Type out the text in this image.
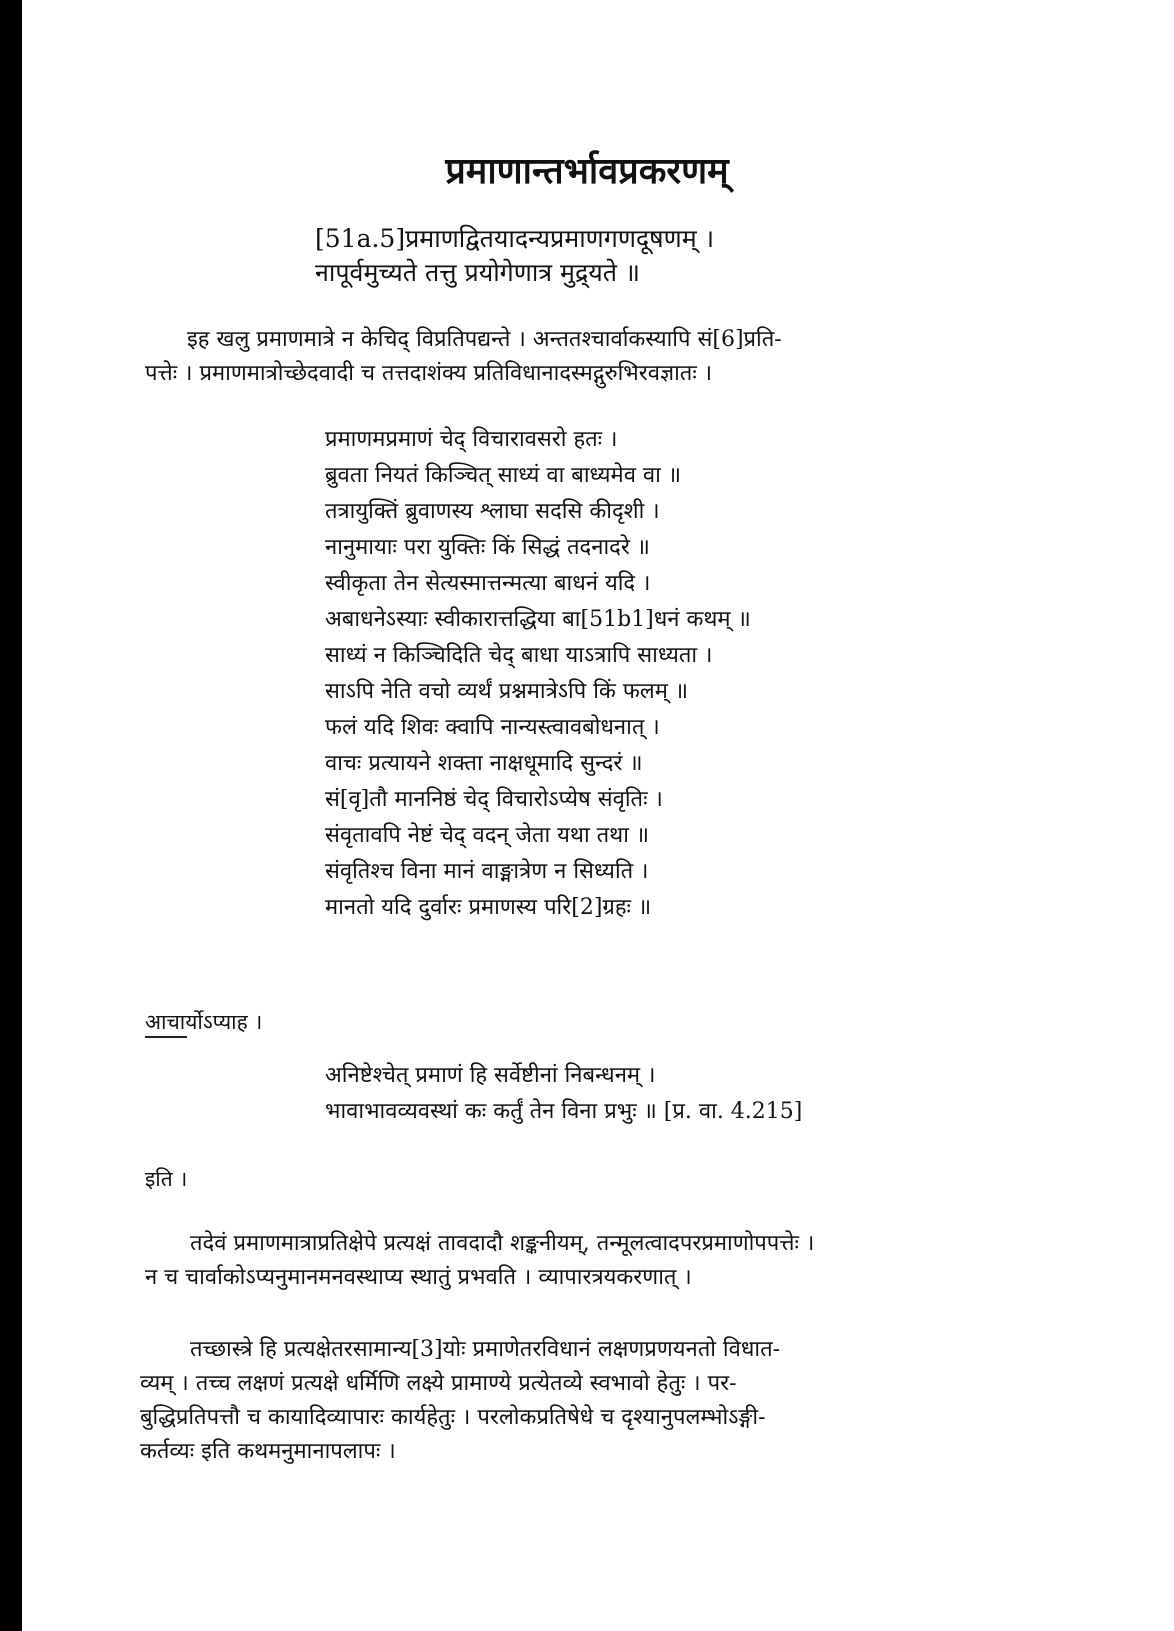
प्रमाणान्तर्भावप्रकरणम्
[51a.5]प्रमाणद्वितयादन्यप्रमाणगणदूषणम् ।
नापूर्वमुच्यते तत्तु प्रयोगेणात्र मुद्र्यते ॥
इह खलु प्रमाणमात्रे न केचिद् विप्रतिपद्यन्ते । अन्ततश्चार्वाकस्यापि सं[6]प्रति-
पत्तेः । प्रमाणमात्रोच्छेदवादी च तत्तदाशंक्य प्रतिविधानादस्मद्गुरुभिरवज्ञातः ।
प्रमाणमप्रमाणं चेद् विचारावसरो हतः ।
ब्रुवता नियतं किञ्चित् साध्यं वा बाध्यमेव वा ॥
तत्रायुक्तिं ब्रुवाणस्य श्लाघा सदसि कीदृशी ।
नानुमायाः परा युक्तिः किं सिद्धं तदनादरे ॥
स्वीकृता तेन सेत्यस्मात्तन्मत्या बाधनं यदि ।
अबाधनेऽस्याः स्वीकारात्तद्धिया बा[51b1]धनं कथम् ॥
साध्यं न किञ्चिदिति चेद् बाधा याऽत्रापि साध्यता ।
साऽपि नेति वचो व्यर्थं प्रश्नमात्रेऽपि किं फलम् ॥
फलं यदि शिवः क्वापि नान्यस्त्वावबोधनात् ।
वाचः प्रत्यायने शक्ता नाक्षधूमादि सुन्दरं ॥
सं[वृ]तौ माननिष्ठं चेद् विचारोऽप्येष संवृतिः ।
संवृतावपि नेष्टं चेद् वदन् जेता यथा तथा ॥
संवृतिश्च विना मानं वाङ्मात्रेण न सिध्यति ।
मानतो यदि दुर्वारः प्रमाणस्य परि[2]ग्रहः ॥
आचार्योऽप्याह ।
अनिष्टेश्चेत् प्रमाणं हि सर्वेष्टीनां निबन्धनम् ।
भावाभावव्यवस्थां कः कर्तुं तेन विना प्रभुः ॥ [प्र. वा. 4.215]
इति ।
तदेवं प्रमाणमात्राप्रतिक्षेपे प्रत्यक्षं तावदादौ शङ्कनीयम्, तन्मूलत्वादपरप्रमाणोपपत्तेः ।
न च चार्वाकोऽप्यनुमानमनवस्थाप्य स्थातुं प्रभवति । व्यापारत्रयकरणात् ।
तच्छास्त्रे हि प्रत्यक्षेतरसामान्य[3]योः प्रमाणेतरविधानं लक्षणप्रणयनतो विधात-
व्यम् । तच्च लक्षणं प्रत्यक्षे धर्मिणि लक्ष्ये प्रामाण्ये प्रत्येतव्ये स्वभावो हेतुः । पर-
बुद्धिप्रतिपत्तौ च कायादिव्यापारः कार्यहेतुः । परलोकप्रतिषेधे च दृश्यानुपलम्भोऽङ्गी-
कर्तव्यः इति कथमनुमानापलापः ।
